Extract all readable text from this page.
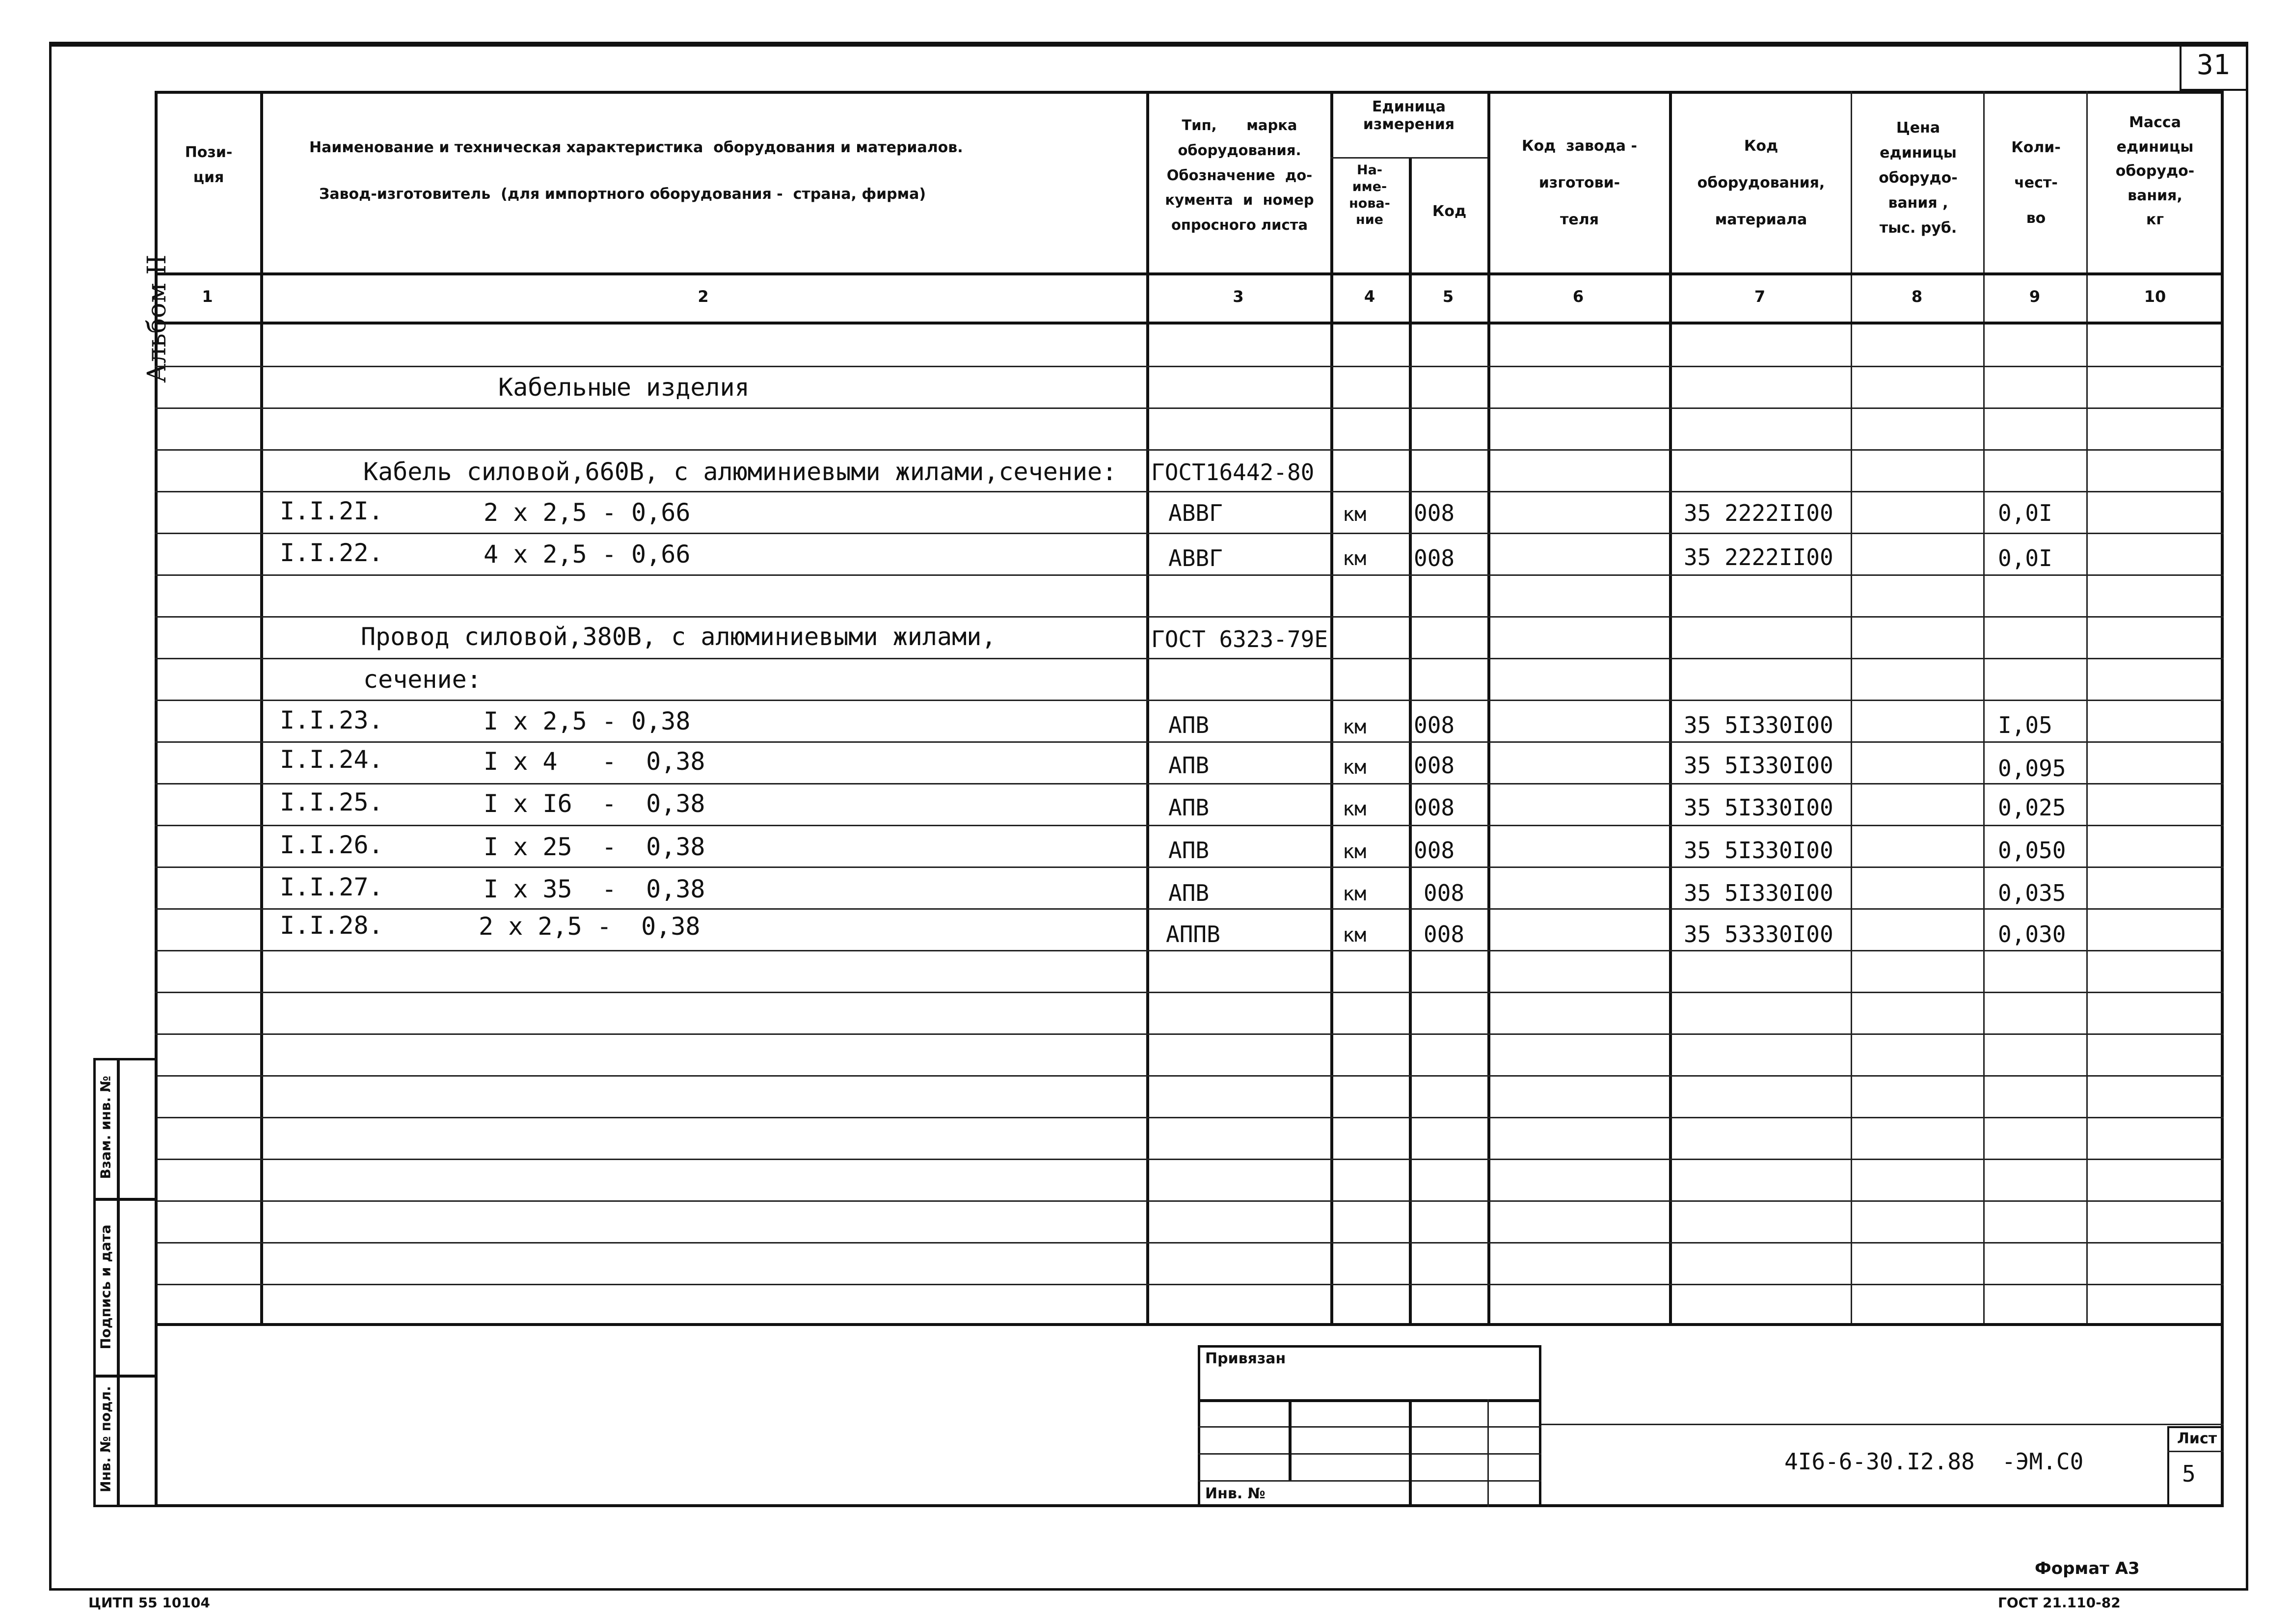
31
Альбом II
Пози-
ция
Наименование и техническая характеристика  оборудования и материалов.
Завод-изготовитель  (для импортного оборудования -  страна, фирма)
Тип,      марка
оборудования.
Обозначение  до-
кумента  и  номер
опросного листа
Единица
измерения
На-
име-
нова-
ние	Код
Код  завода -
изготови-
теля
Код
оборудования,
материала
Цена
единицы
оборудо-
вания ,
тыс. руб.
Коли-
чест-
во
Масса
единицы
оборудо-
вания,
кг
1	2	3	4	5	6	7	8	9	10
Кабельные изделия
Кабель силовой,660В, с алюминиевыми жилами,сечение: ГОСТ16442-80
I.I.2I.	2 х 2,5 - 0,66	АВВГ	км 008	35 2222II00	0,0I
I.I.22.	4 х 2,5 - 0,66	АВВГ	км 008	35 2222II00	0,0I
Провод силовой,380В, с алюминиевыми жилами,	ГОСТ 6323-79Е
сечение:
I.I.23.	I х 2,5 - 0,38	АПВ	км 008	35 5I330I00	I,05
I.I.24.	I х 4   -  0,38	АПВ	км 008	35 5I330I00	0,095
I.I.25.	I х I6  -  0,38	АПВ	км 008	35 5I330I00	0,025
I.I.26.	I х 25  -  0,38	АПВ	км 008	35 5I330I00	0,050
I.I.27.	I х 35  -  0,38	АПВ	км	008	35 5I330I00	0,035
I.I.28.	2 х 2,5 -  0,38	АППВ	км	008	35 53330I00	0,030
Взам. инв. №
Подпись и дата
Инв. № подл.
Привязан
Инв. №
4I6-6-30.I2.88  -ЭМ.С0
Лист
5
Формат А3
ЦИТП 55 10104	ГОСТ 21.110-82
